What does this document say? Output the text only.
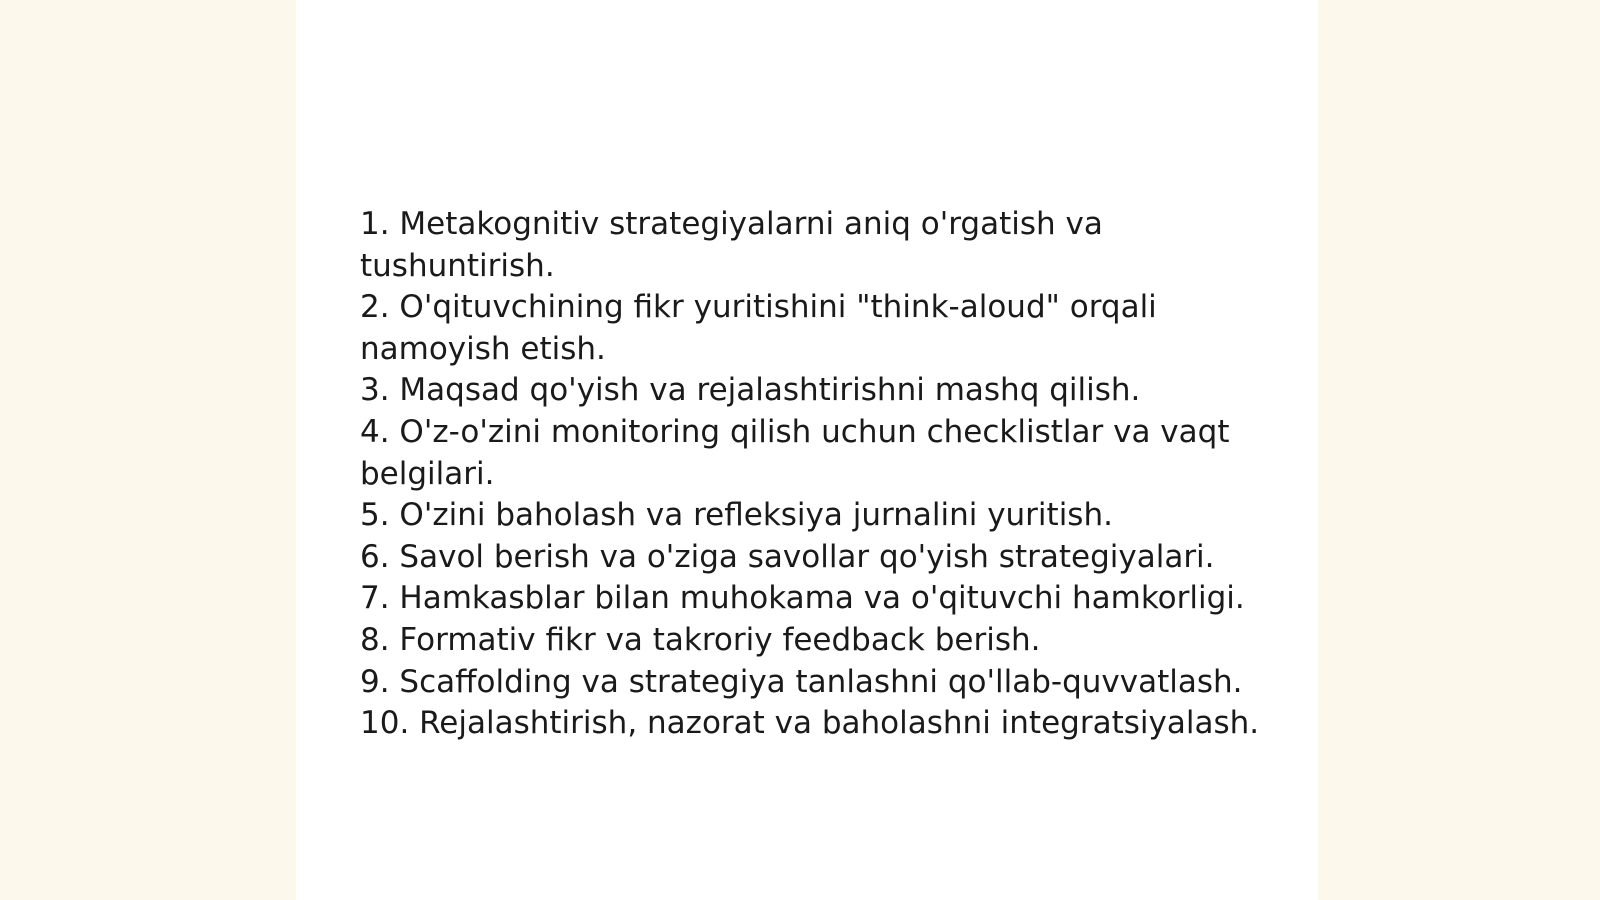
1. Metakognitiv strategiyalarni aniq o'rgatish va tushuntirish.
2. O'qituvchining fikr yuritishini "think-aloud" orqali namoyish etish.
3. Maqsad qo'yish va rejalashtirishni mashq qilish.
4. O'z-o'zini monitoring qilish uchun checklistlar va vaqt belgilari.
5. O'zini baholash va refleksiya jurnalini yuritish.
6. Savol berish va o'ziga savollar qo'yish strategiyalari.
7. Hamkasblar bilan muhokama va o'qituvchi hamkorligi.
8. Formativ fikr va takroriy feedback berish.
9. Scaffolding va strategiya tanlashni qo'llab-quvvatlash.
10. Rejalashtirish, nazorat va baholashni integratsiyalash.
